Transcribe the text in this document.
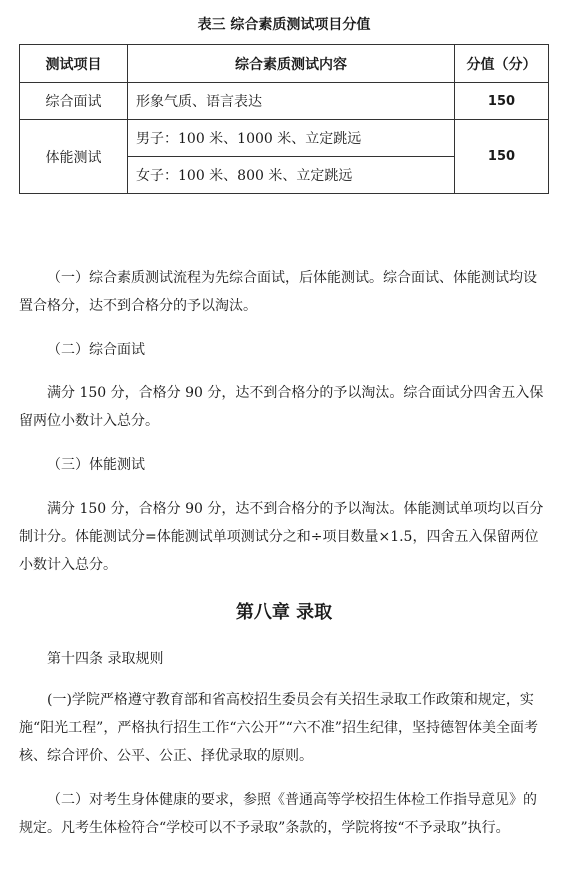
表三 综合素质测试项目分值
测试项目	综合素质测试内容	分值（分）
综合面试	形象气质、语言表达	150
体能测试	男子：100 米、1000 米、立定跳远	150
	女子：100 米、800 米、立定跳远	

（一）综合素质测试流程为先综合面试，后体能测试。综合面试、体能测试均设置合格分，达不到合格分的予以淘汰。

（二）综合面试

满分 150 分，合格分 90 分，达不到合格分的予以淘汰。综合面试分四舍五入保留两位小数计入总分。

（三）体能测试

满分 150 分，合格分 90 分，达不到合格分的予以淘汰。体能测试单项均以百分制计分。体能测试分=体能测试单项测试分之和÷项目数量×1.5，四舍五入保留两位小数计入总分。

第八章 录取
第十四条 录取规则

(一)学院严格遵守教育部和省高校招生委员会有关招生录取工作政策和规定，实施“阳光工程”，严格执行招生工作“六公开”“六不准”招生纪律，坚持德智体美全面考核、综合评价、公平、公正、择优录取的原则。

（二）对考生身体健康的要求，参照《普通高等学校招生体检工作指导意见》的规定。凡考生体检符合“学校可以不予录取”条款的，学院将按“不予录取”执行。
